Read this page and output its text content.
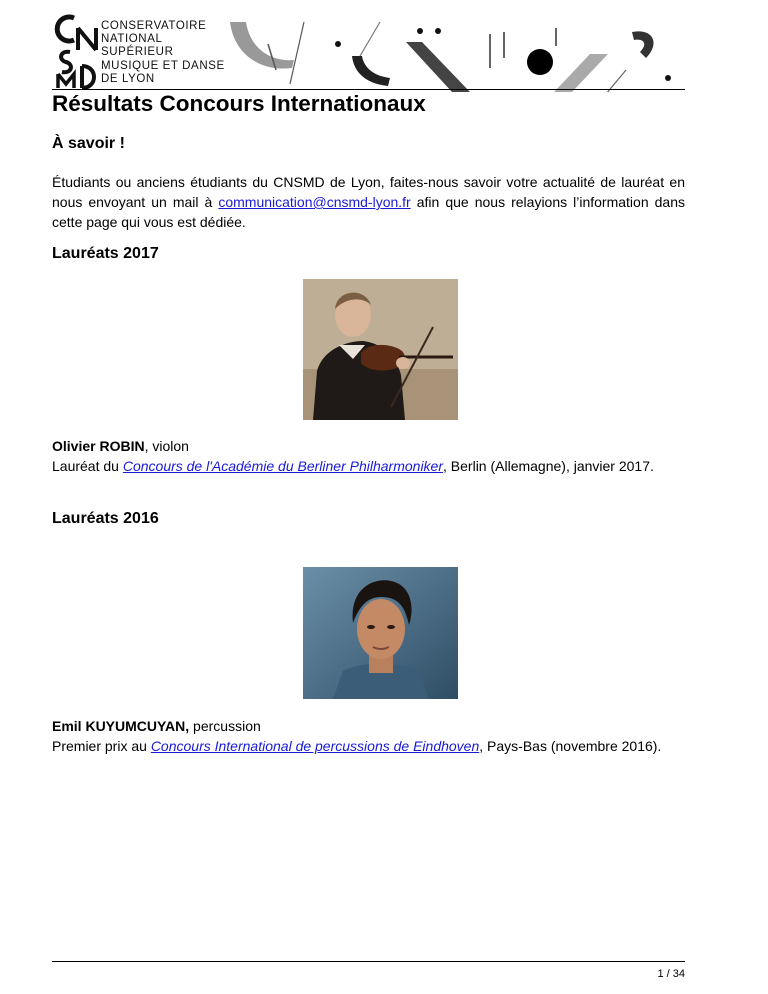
CONSERVATOIRE
NATIONAL
SUPÉRIEUR
MUSIQUE ET DANSE
DE LYON
Résultats Concours Internationaux
À savoir !

Étudiants ou anciens étudiants du CNSMD de Lyon, faites-nous savoir votre actualité de lauréat en nous envoyant un mail à communication@cnsmd-lyon.fr afin que nous relayions l’information dans cette page qui vous est dédiée.

Lauréats 2017

Olivier ROBIN, violon
Lauréat du Concours de l'Académie du Berliner Philharmoniker, Berlin (Allemagne), janvier 2017.

Lauréats 2016

Emil KUYUMCUYAN, percussion
Premier prix au Concours International de percussions de Eindhoven, Pays-Bas (novembre 2016).

1 / 34
